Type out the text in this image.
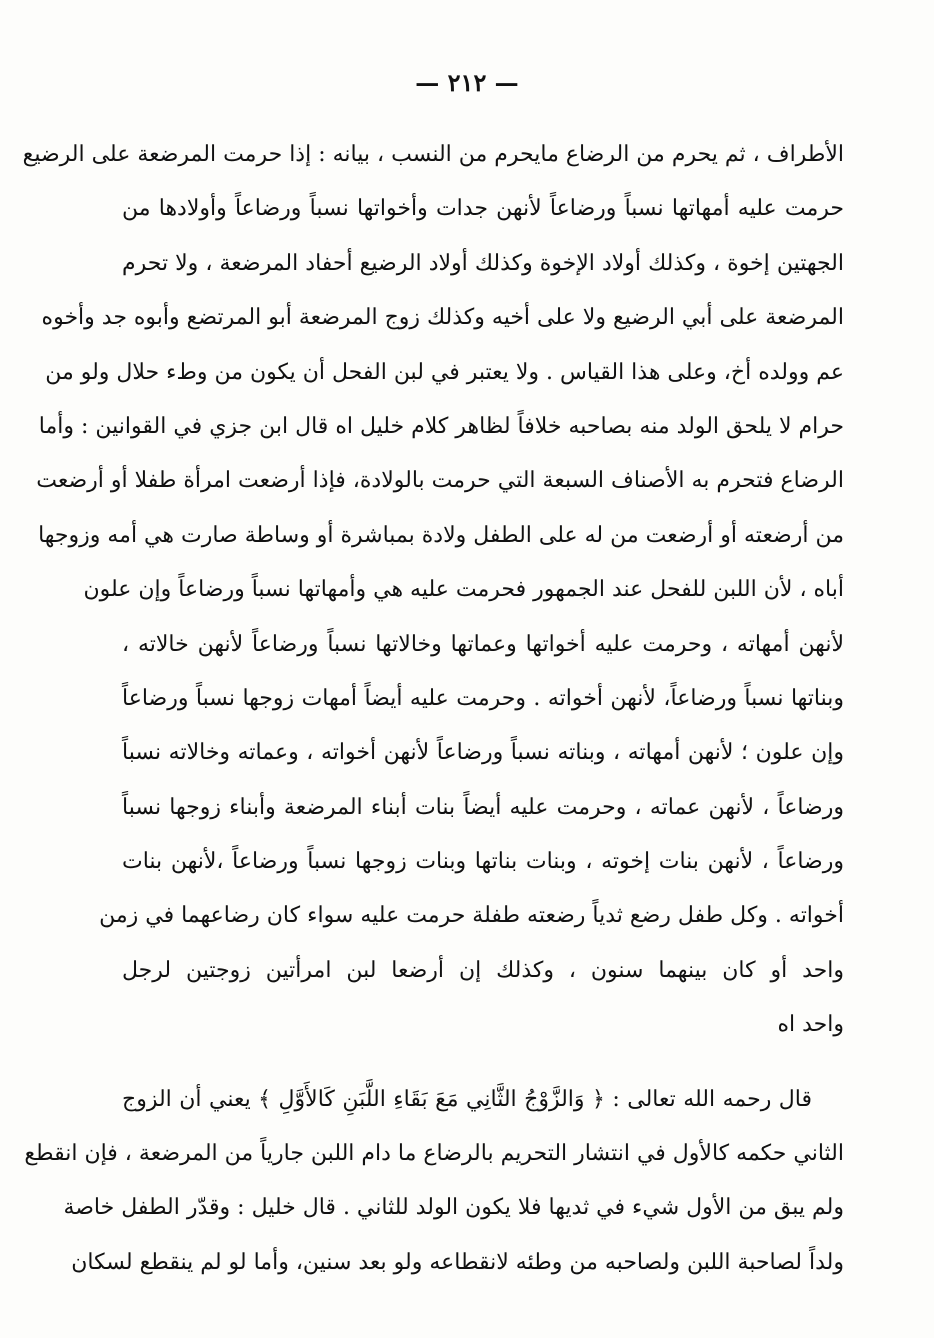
— ٢١٢ —
الأطراف ، ثم يحرم من الرضاع مايحرم من النسب ، بيانه : إذا حرمت المرضعة على الرضيع
حرمت عليه أمهاتها نسباً ورضاعاً لأنهن جدات وأخواتها نسباً ورضاعاً وأولادها من
الجهتين إخوة ، وكذلك أولاد الإخوة وكذلك أولاد الرضيع أحفاد المرضعة ، ولا تحرم
المرضعة على أبي الرضيع ولا على أخيه وكذلك زوج المرضعة أبو المرتضع وأبوه جد وأخوه
عم وولده أخ، وعلى هذا القياس . ولا يعتبر في لبن الفحل أن يكون من وطء حلال ولو من
حرام لا يلحق الولد منه بصاحبه خلافاً لظاهر كلام خليل اه قال ابن جزي في القوانين : وأما
الرضاع فتحرم به الأصناف السبعة التي حرمت بالولادة، فإذا أرضعت امرأة طفلا أو أرضعت
من أرضعته أو أرضعت من له على الطفل ولادة بمباشرة أو وساطة صارت هي أمه وزوجها
أباه ، لأن اللبن للفحل عند الجمهور فحرمت عليه هي وأمهاتها نسباً ورضاعاً وإن علون
لأنهن أمهاته ، وحرمت عليه أخواتها وعماتها وخالاتها نسباً ورضاعاً لأنهن خالاته ،
وبناتها نسباً ورضاعاً، لأنهن أخواته . وحرمت عليه أيضاً أمهات زوجها نسباً ورضاعاً
وإن علون ؛ لأنهن أمهاته ، وبناته نسباً ورضاعاً لأنهن أخواته ، وعماته وخالاته نسباً
ورضاعاً ، لأنهن عماته ، وحرمت عليه أيضاً بنات أبناء المرضعة وأبناء زوجها نسباً
ورضاعاً ، لأنهن بنات إخوته ، وبنات بناتها وبنات زوجها نسباً ورضاعاً ،لأنهن بنات
أخواته . وكل طفل رضع ثدياً رضعته طفلة حرمت عليه سواء كان رضاعهما في زمن
واحد أو كان بينهما سنون ، وكذلك إن أرضعا لبن امرأتين زوجتين لرجل
واحد اه
قال رحمه الله تعالى : ﴿ وَالزَّوْجُ الثَّانِي مَعَ بَقَاءِ اللَّبَنِ كَالأَوَّلِ ﴾ يعني أن الزوج
الثاني حكمه كالأول في انتشار التحريم بالرضاع ما دام اللبن جارياً من المرضعة ، فإن انقطع
ولم يبق من الأول شيء في ثديها فلا يكون الولد للثاني . قال خليل : وقدّر الطفل خاصة
ولداً لصاحبة اللبن ولصاحبه من وطئه لانقطاعه ولو بعد سنين، وأما لو لم ينقطع لسكان
